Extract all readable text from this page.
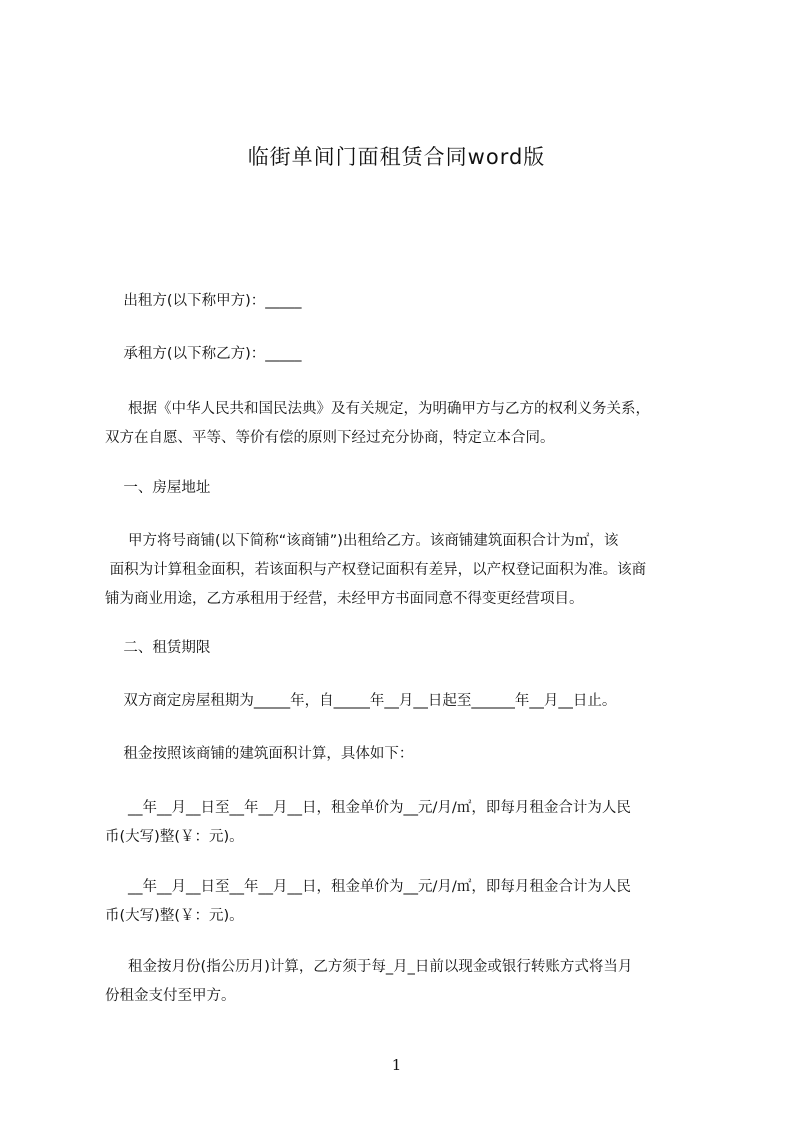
临街单间门面租赁合同word版
出租方(以下称甲方)：_____
承租方(以下称乙方)：_____
根据《中华人民共和国民法典》及有关规定，为明确甲方与乙方的权利义务关系，
双方在自愿、平等、等价有偿的原则下经过充分协商，特定立本合同。
一、房屋地址
甲方将号商铺(以下简称“该商铺”)出租给乙方。该商铺建筑面积合计为㎡，该
面积为计算租金面积，若该面积与产权登记面积有差异，以产权登记面积为准。该商
铺为商业用途，乙方承租用于经营，未经甲方书面同意不得变更经营项目。
二、租赁期限
双方商定房屋租期为_____年，自_____年__月__日起至______年__月__日止。
租金按照该商铺的建筑面积计算，具体如下：
__年__月__日至__年__月__日，租金单价为__元/月/㎡，即每月租金合计为人民
币(大写)整(￥：元)。
__年__月__日至__年__月__日，租金单价为__元/月/㎡，即每月租金合计为人民
币(大写)整(￥：元)。
租金按月份(指公历月)计算，乙方须于每_月_日前以现金或银行转账方式将当月
份租金支付至甲方。
1
